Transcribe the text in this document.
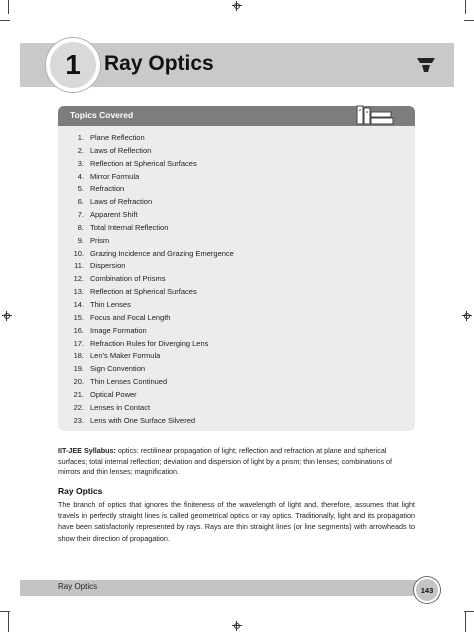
1	Ray Optics
Topics Covered
1. Plane Reflection
2. Laws of Reflection
3. Reflection at Spherical Surfaces
4. Mirror Formula
5. Refraction
6. Laws of Refraction
7. Apparent Shift
8. Total Internal Reflection
9. Prism
10. Grazing Incidence and Grazing Emergence
11. Dispersion
12. Combination of Prisms
13. Reflection at Spherical Surfaces
14. Thin Lenses
15. Focus and Focal Length
16. Image Formation
17. Refraction Rules for Diverging Lens
18. Len’s Maker Formula
19. Sign Convention
20. Thin Lenses Continued
21. Optical Power
22. Lenses in Contact
23. Lens with One Surface Silvered

IIT-JEE Syllabus: optics: rectilinear propagation of light; reflection and refraction at plane and spherical surfaces; total internal reflection; deviation and dispersion of light by a prism; thin lenses; combinations of mirrors and thin lenses; magnification.

Ray Optics

The branch of optics that ignores the finiteness of the wavelength of light and, therefore, assumes that light travels in perfectly straight lines is called geometrical optics or ray optics. Traditionally, light and its propagation have been satisfactorily represented by rays. Rays are thin straight lines (or line segments) with arrowheads to show their direction of propagation.

Ray Optics	143
